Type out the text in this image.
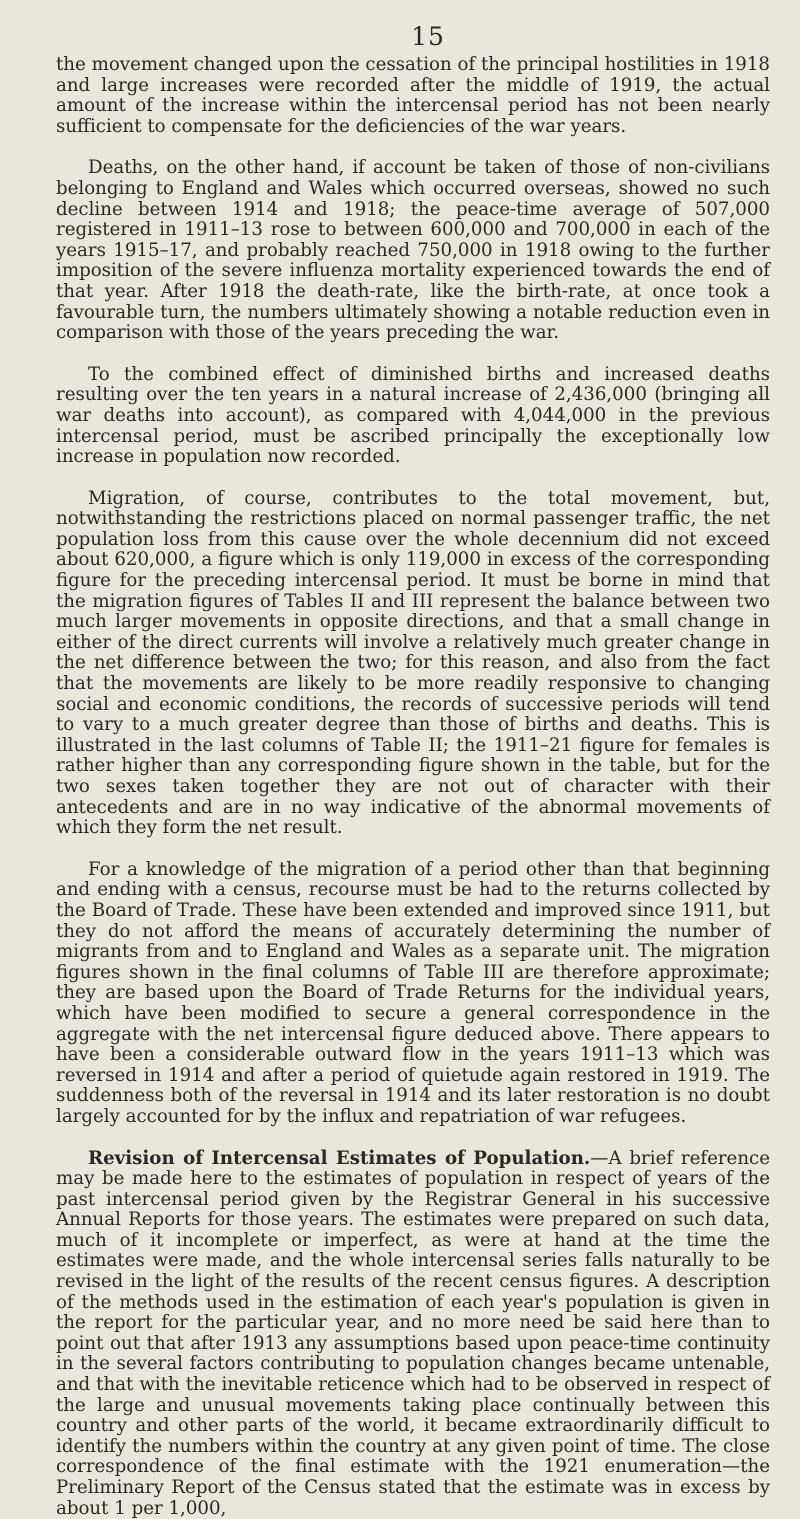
15

the movement changed upon the cessation of the principal hostilities in 1918 and large increases were recorded after the middle of 1919, the actual amount of the increase within the intercensal period has not been nearly sufficient to compensate for the deficiencies of the war years.

Deaths, on the other hand, if account be taken of those of non-civilians belonging to England and Wales which occurred overseas, showed no such decline between 1914 and 1918; the peace-time average of 507,000 registered in 1911–13 rose to between 600,000 and 700,000 in each of the years 1915–17, and probably reached 750,000 in 1918 owing to the further imposition of the severe influenza mortality experienced towards the end of that year. After 1918 the death-rate, like the birth-rate, at once took a favourable turn, the numbers ultimately showing a notable reduction even in comparison with those of the years preceding the war.

To the combined effect of diminished births and increased deaths resulting over the ten years in a natural increase of 2,436,000 (bringing all war deaths into account), as compared with 4,044,000 in the previous intercensal period, must be ascribed principally the exceptionally low increase in population now recorded.

Migration, of course, contributes to the total movement, but, notwithstanding the restrictions placed on normal passenger traffic, the net population loss from this cause over the whole decennium did not exceed about 620,000, a figure which is only 119,000 in excess of the corresponding figure for the preceding intercensal period. It must be borne in mind that the migration figures of Tables II and III represent the balance between two much larger movements in opposite directions, and that a small change in either of the direct currents will involve a relatively much greater change in the net difference between the two; for this reason, and also from the fact that the movements are likely to be more readily responsive to changing social and economic conditions, the records of successive periods will tend to vary to a much greater degree than those of births and deaths. This is illustrated in the last columns of Table II; the 1911–21 figure for females is rather higher than any corresponding figure shown in the table, but for the two sexes taken together they are not out of character with their antecedents and are in no way indicative of the abnormal movements of which they form the net result.

For a knowledge of the migration of a period other than that beginning and ending with a census, recourse must be had to the returns collected by the Board of Trade. These have been extended and improved since 1911, but they do not afford the means of accurately determining the number of migrants from and to England and Wales as a separate unit. The migration figures shown in the final columns of Table III are therefore approximate; they are based upon the Board of Trade Returns for the individual years, which have been modified to secure a general correspondence in the aggregate with the net intercensal figure deduced above. There appears to have been a considerable outward flow in the years 1911–13 which was reversed in 1914 and after a period of quietude again restored in 1919. The suddenness both of the reversal in 1914 and its later restoration is no doubt largely accounted for by the influx and repatriation of war refugees.

Revision of Intercensal Estimates of Population.—A brief reference may be made here to the estimates of population in respect of years of the past intercensal period given by the Registrar General in his successive Annual Reports for those years. The estimates were prepared on such data, much of it incomplete or imperfect, as were at hand at the time the estimates were made, and the whole intercensal series falls naturally to be revised in the light of the results of the recent census figures. A description of the methods used in the estimation of each year's population is given in the report for the particular year, and no more need be said here than to point out that after 1913 any assumptions based upon peace-time continuity in the several factors contributing to population changes became untenable, and that with the inevitable reticence which had to be observed in respect of the large and unusual movements taking place continually between this country and other parts of the world, it became extraordinarily difficult to identify the numbers within the country at any given point of time. The close correspondence of the final estimate with the 1921 enumeration—the Preliminary Report of the Census stated that the estimate was in excess by about 1 per 1,000,
